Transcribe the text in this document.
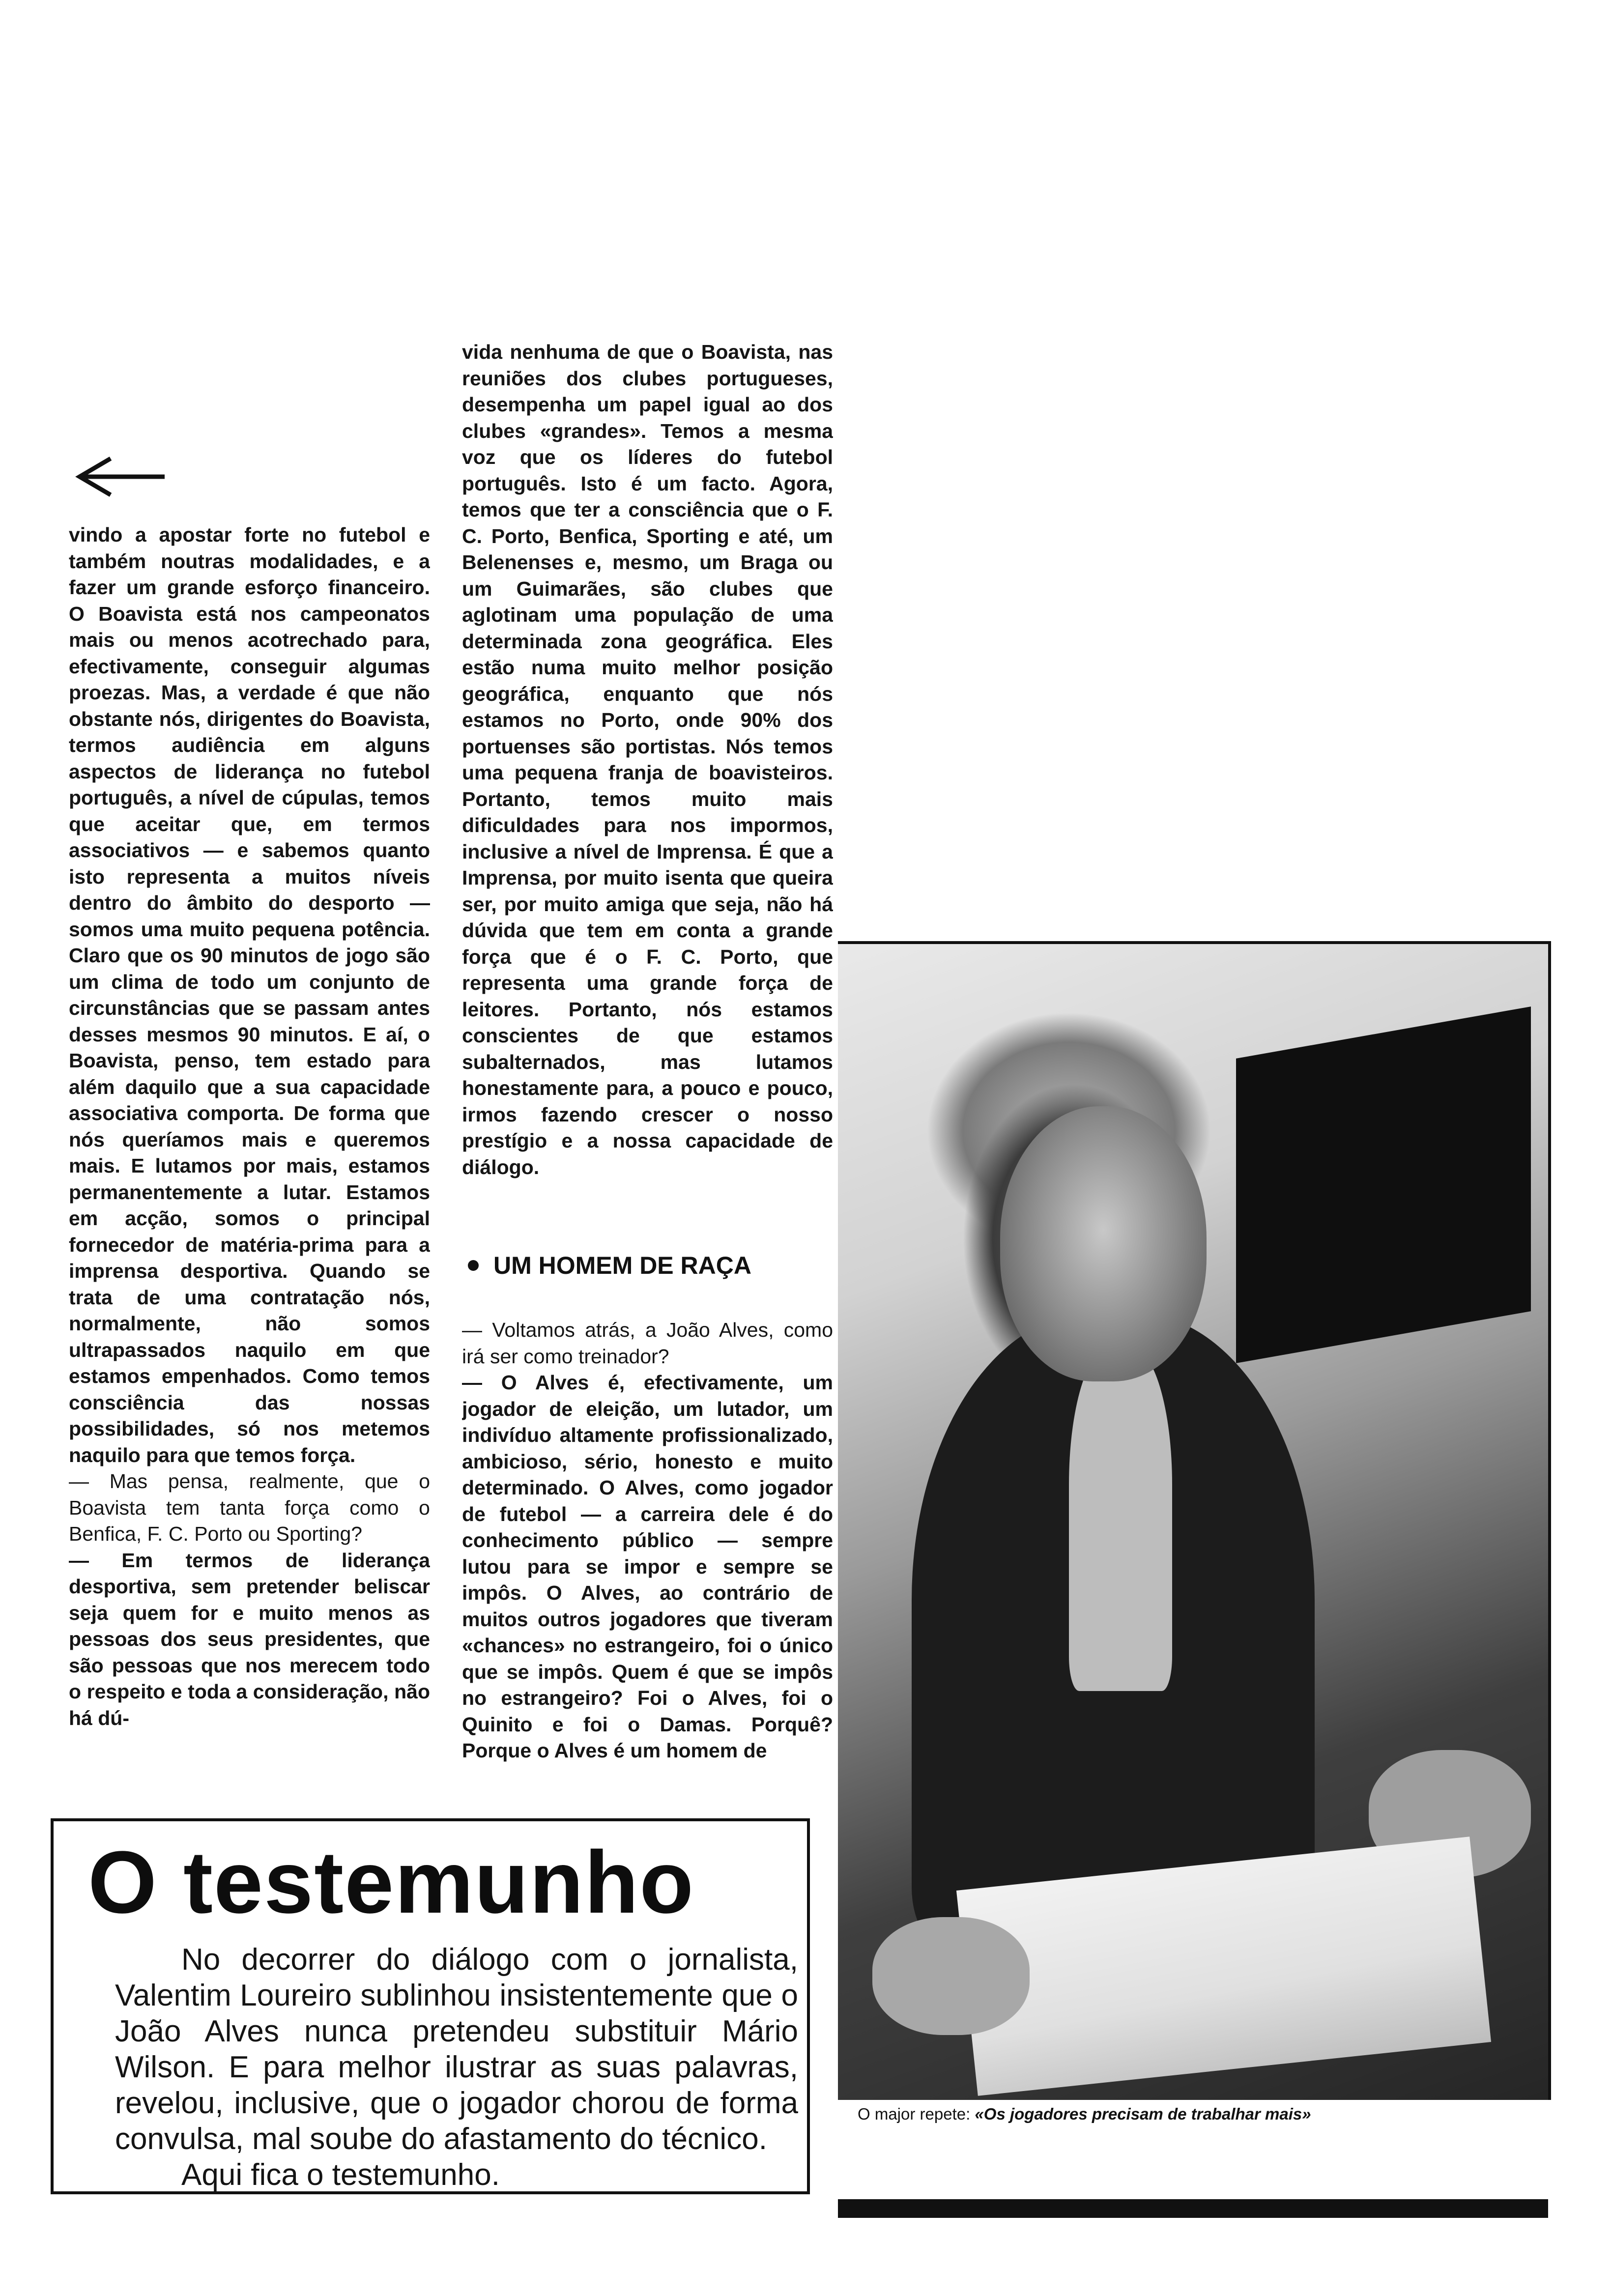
vindo a apostar forte no futebol e também noutras modalidades, e a fazer um grande esforço financeiro. O Boavista está nos campeonatos mais ou menos acotrechado para, efectivamente, conseguir algumas proezas. Mas, a verdade é que não obstante nós, dirigentes do Boavista, termos audiência em alguns aspectos de liderança no futebol português, a nível de cúpulas, temos que aceitar que, em termos associativos — e sabemos quanto isto representa a muitos níveis dentro do âmbito do desporto — somos uma muito pequena potência. Claro que os 90 minutos de jogo são um clima de todo um conjunto de circunstâncias que se passam antes desses mesmos 90 minutos. E aí, o Boavista, penso, tem estado para além daquilo que a sua capacidade associativa comporta. De forma que nós queríamos mais e queremos mais. E lutamos por mais, estamos permanentemente a lutar. Estamos em acção, somos o principal fornecedor de matéria-prima para a imprensa desportiva. Quando se trata de uma contratação nós, normalmente, não somos ultrapassados naquilo em que estamos empenhados. Como temos consciência das nossas possibilidades, só nos metemos naquilo para que temos força.

— Mas pensa, realmente, que o Boavista tem tanta força como o Benfica, F. C. Porto ou Sporting?

— Em termos de liderança desportiva, sem pretender beliscar seja quem for e muito menos as pessoas dos seus presidentes, que são pessoas que nos merecem todo o respeito e toda a consideração, não há dú-

vida nenhuma de que o Boavista, nas reuniões dos clubes portugueses, desempenha um papel igual ao dos clubes «grandes». Temos a mesma voz que os líderes do futebol português. Isto é um facto. Agora, temos que ter a consciência que o F. C. Porto, Benfica, Sporting e até, um Belenenses e, mesmo, um Braga ou um Guimarães, são clubes que aglotinam uma população de uma determinada zona geográfica. Eles estão numa muito melhor posição geográfica, enquanto que nós estamos no Porto, onde 90% dos portuenses são portistas. Nós temos uma pequena franja de boavisteiros. Portanto, temos muito mais dificuldades para nos impormos, inclusive a nível de Imprensa. É que a Imprensa, por muito isenta que queira ser, por muito amiga que seja, não há dúvida que tem em conta a grande força que é o F. C. Porto, que representa uma grande força de leitores. Portanto, nós estamos conscientes de que estamos subalternados, mas lutamos honestamente para, a pouco e pouco, irmos fazendo crescer o nosso prestígio e a nossa capacidade de diálogo.

UM HOMEM DE RAÇA

— Voltamos atrás, a João Alves, como irá ser como treinador?

— O Alves é, efectivamente, um jogador de eleição, um lutador, um indivíduo altamente profissionalizado, ambicioso, sério, honesto e muito determinado. O Alves, como jogador de futebol — a carreira dele é do conhecimento público — sempre lutou para se impor e sempre se impôs. O Alves, ao contrário de muitos outros jogadores que tiveram «chances» no estrangeiro, foi o único que se impôs. Quem é que se impôs no estrangeiro? Foi o Alves, foi o Quinito e foi o Damas. Porquê? Porque o Alves é um homem de

O major repete: «Os jogadores precisam de trabalhar mais»
O testemunho

No decorrer do diálogo com o jornalista, Valentim Loureiro sublinhou insistentemente que o João Alves nunca pretendeu substituir Mário Wilson. E para melhor ilustrar as suas palavras, revelou, inclusive, que o jogador chorou de forma convulsa, mal soube do afastamento do técnico.

Aqui fica o testemunho.
